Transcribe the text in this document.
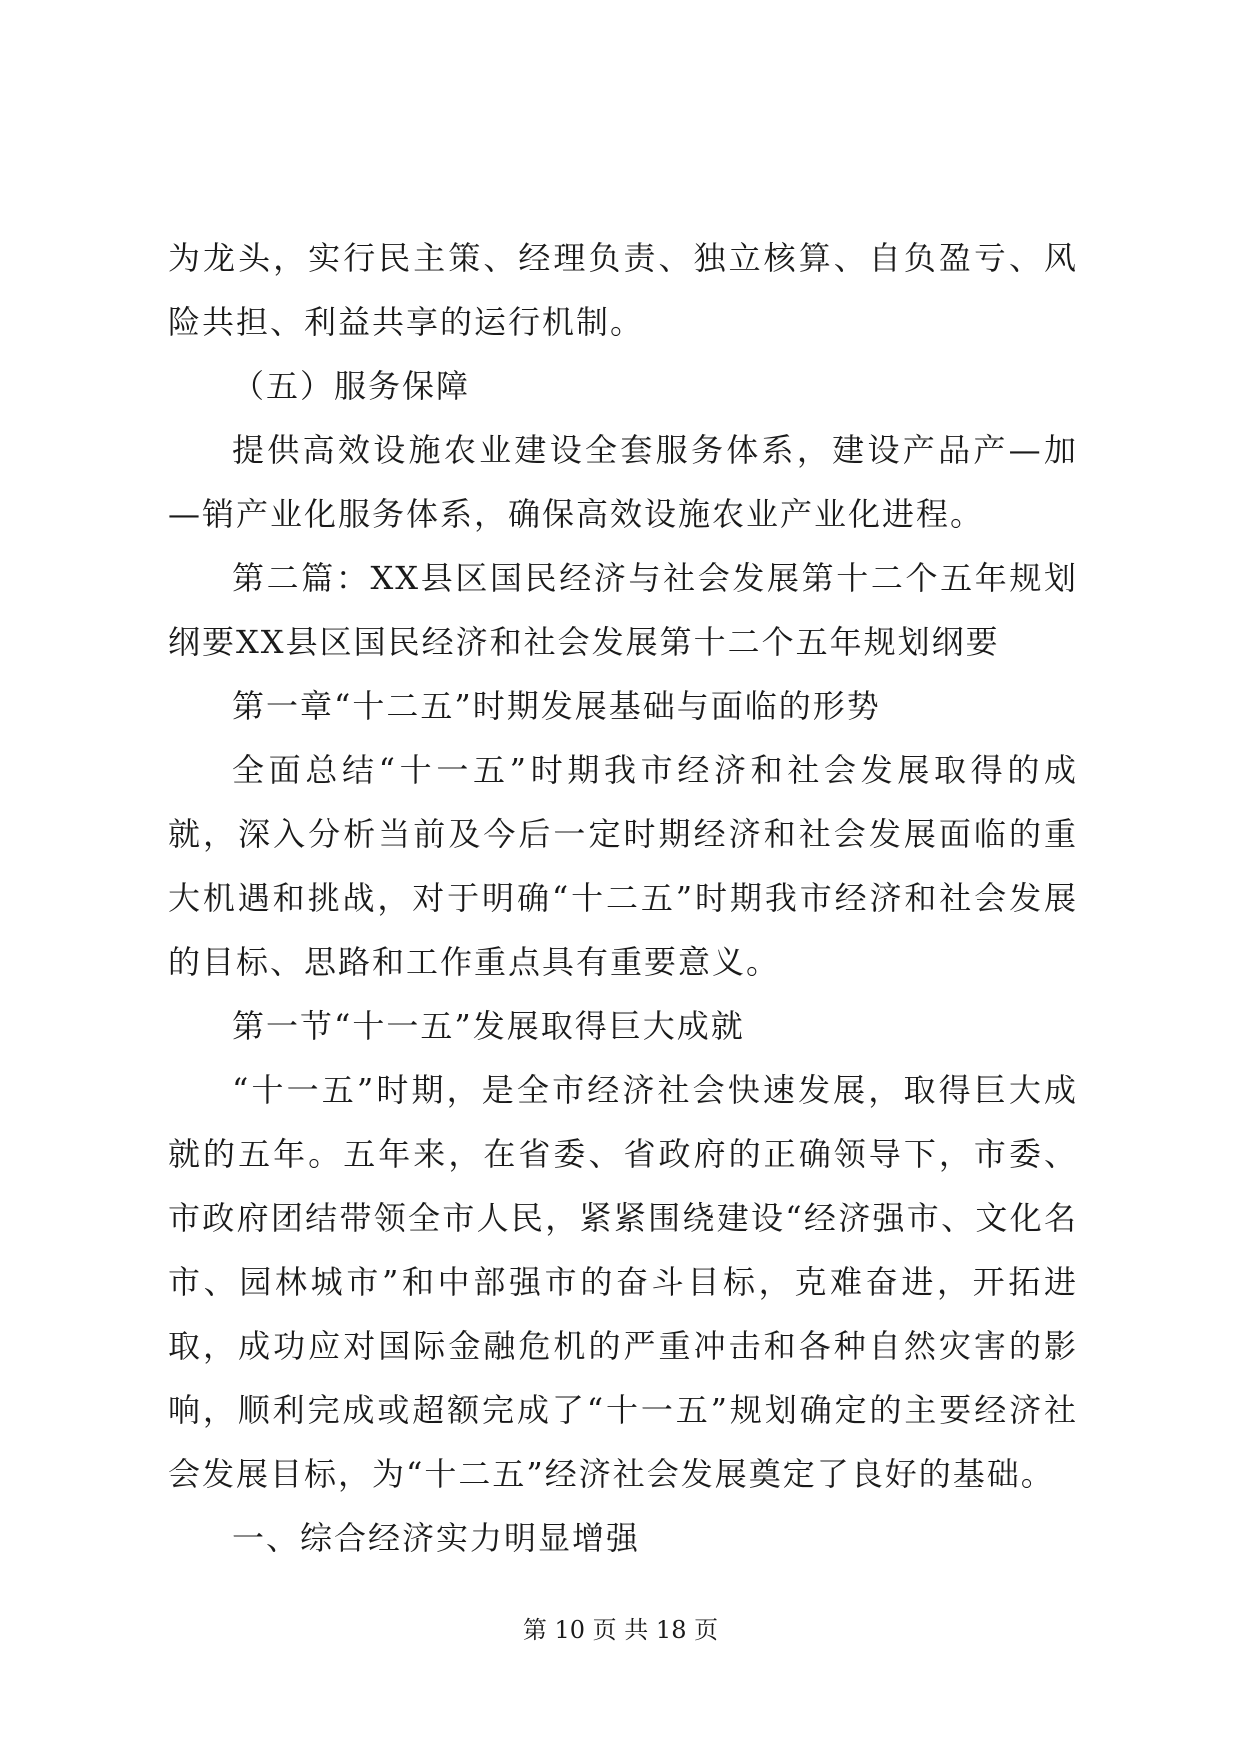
为龙头，实行民主策、经理负责、独立核算、自负盈亏、风险共担、利益共享的运行机制。

（五）服务保障

提供高效设施农业建设全套服务体系，建设产品产—加—销产业化服务体系，确保高效设施农业产业化进程。

第二篇：XX县区国民经济与社会发展第十二个五年规划纲要XX县区国民经济和社会发展第十二个五年规划纲要

第一章“十二五”时期发展基础与面临的形势

全面总结“十一五”时期我市经济和社会发展取得的成就，深入分析当前及今后一定时期经济和社会发展面临的重大机遇和挑战，对于明确“十二五”时期我市经济和社会发展的目标、思路和工作重点具有重要意义。

第一节“十一五”发展取得巨大成就

“十一五”时期，是全市经济社会快速发展，取得巨大成就的五年。五年来，在省委、省政府的正确领导下，市委、市政府团结带领全市人民，紧紧围绕建设“经济强市、文化名市、园林城市”和中部强市的奋斗目标，克难奋进，开拓进取，成功应对国际金融危机的严重冲击和各种自然灾害的影响，顺利完成或超额完成了“十一五”规划确定的主要经济社会发展目标，为“十二五”经济社会发展奠定了良好的基础。

一、综合经济实力明显增强

第 10 页 共 18 页
